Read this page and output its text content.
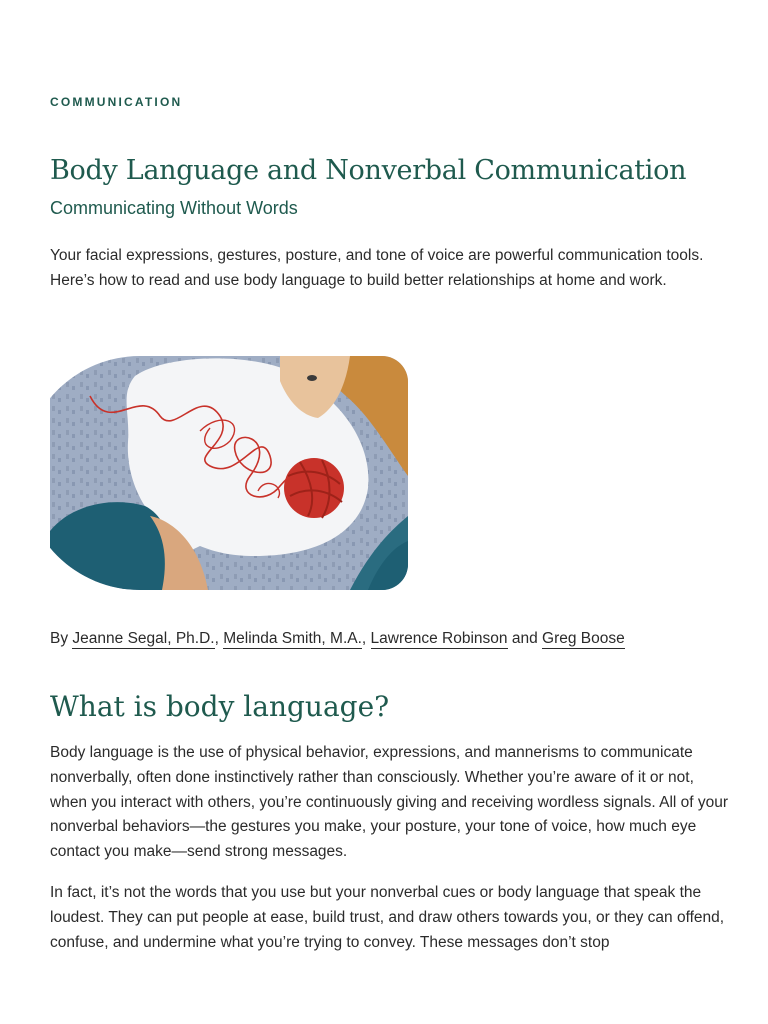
COMMUNICATION
Body Language and Nonverbal Communication
Communicating Without Words

Your facial expressions, gestures, posture, and tone of voice are powerful communication tools. Here’s how to read and use body language to build better relationships at home and work.

By Jeanne Segal, Ph.D., Melinda Smith, M.A., Lawrence Robinson and Greg Boose
What is body language?

Body language is the use of physical behavior, expressions, and mannerisms to communicate nonverbally, often done instinctively rather than consciously. Whether you’re aware of it or not, when you interact with others, you’re continuously giving and receiving wordless signals. All of your nonverbal behaviors—the gestures you make, your posture, your tone of voice, how much eye contact you make—send strong messages.

In fact, it’s not the words that you use but your nonverbal cues or body language that speak the loudest. They can put people at ease, build trust, and draw others towards you, or they can offend, confuse, and undermine what you’re trying to convey. These messages don’t stop
